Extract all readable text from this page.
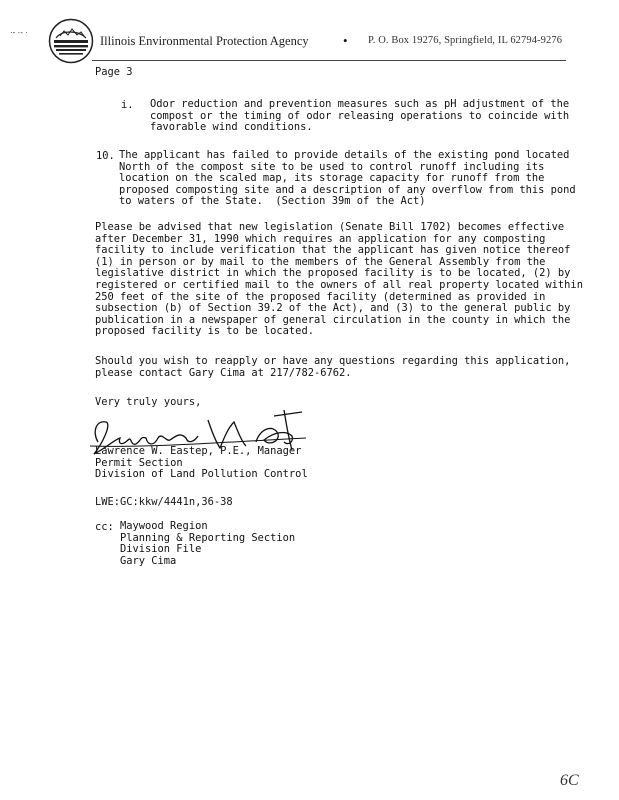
·‐ ·‐ ·
Illinois Environmental Protection Agency	• P. O. Box 19276, Springfield, IL 62794-9276
Page 3
i. Odor reduction and prevention measures such as pH adjustment of the
compost or the timing of odor releasing operations to coincide with
favorable wind conditions.
10. The applicant has failed to provide details of the existing pond located
North of the compost site to be used to control runoff including its
location on the scaled map, its storage capacity for runoff from the
proposed composting site and a description of any overflow from this pond
to waters of the State.  (Section 39m of the Act)
Please be advised that new legislation (Senate Bill 1702) becomes effective
after December 31, 1990 which requires an application for any composting
facility to include verification that the applicant has given notice thereof
(1) in person or by mail to the members of the General Assembly from the
legislative district in which the proposed facility is to be located, (2) by
registered or certified mail to the owners of all real property located within
250 feet of the site of the proposed facility (determined as provided in
subsection (b) of Section 39.2 of the Act), and (3) to the general public by
publication in a newspaper of general circulation in the county in which the
proposed facility is to be located.
Should you wish to reapply or have any questions regarding this application,
please contact Gary Cima at 217/782-6762.
Very truly yours,
Lawrence W. Eastep, P.E., Manager
Permit Section
Division of Land Pollution Control
LWE:GC:kkw/4441n,36-38
cc: Maywood Region
Planning & Reporting Section
Division File
Gary Cima
6C
